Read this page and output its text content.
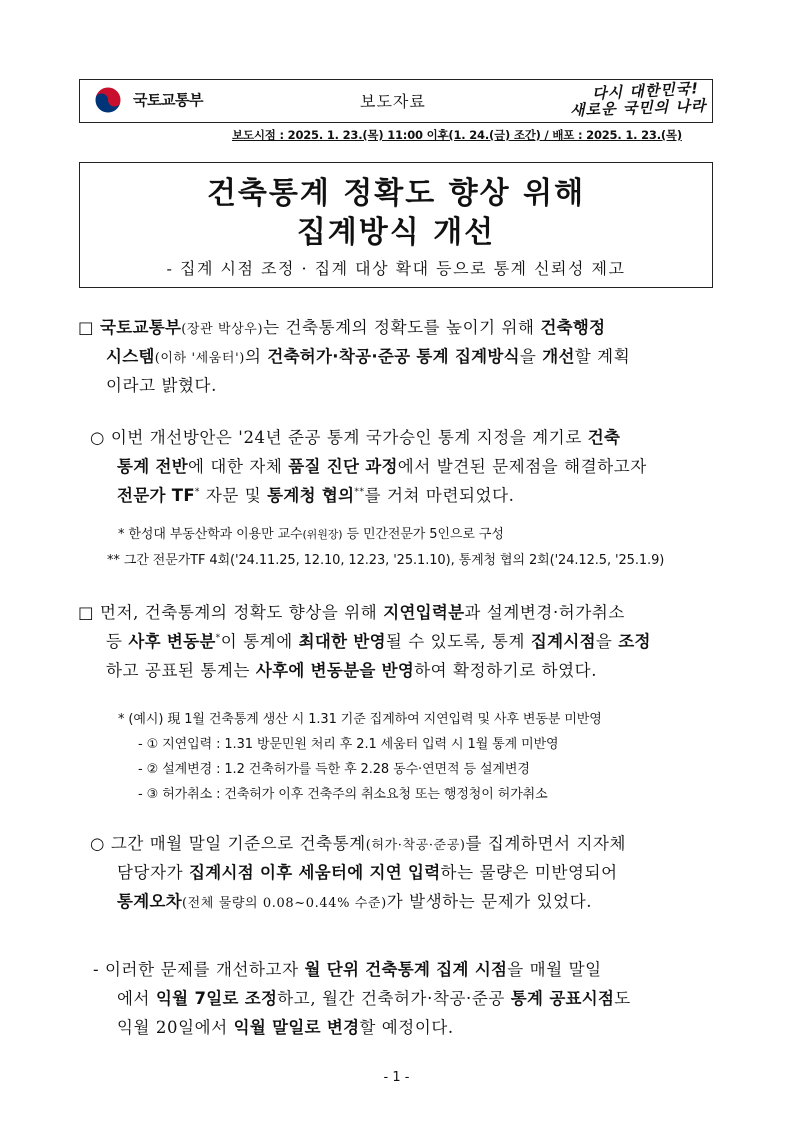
국토교통부	보도자료	다시 대한민국!
새로운 국민의 나라
보도시점 : 2025. 1. 23.(목) 11:00 이후(1. 24.(금) 조간) / 배포 : 2025. 1. 23.(목)
건축통계 정확도 향상 위해
집계방식 개선
- 집계 시점 조정 · 집계 대상 확대 등으로 통계 신뢰성 제고
□ 국토교통부(장관 박상우)는 건축통계의 정확도를 높이기 위해 건축행정
시스템(이하 '세움터')의 건축허가·착공·준공 통계 집계방식을 개선할 계획
이라고 밝혔다.
○ 이번 개선방안은 '24년 준공 통계 국가승인 통계 지정을 계기로 건축
통계 전반에 대한 자체 품질 진단 과정에서 발견된 문제점을 해결하고자
전문가 TF* 자문 및 통계청 협의**를 거쳐 마련되었다.
* 한성대 부동산학과 이용만 교수(위원장) 등 민간전문가 5인으로 구성
** 그간 전문가TF 4회('24.11.25, 12.10, 12.23, '25.1.10), 통계청 협의 2회('24.12.5, '25.1.9)
□ 먼저, 건축통계의 정확도 향상을 위해 지연입력분과 설계변경·허가취소
등 사후 변동분*이 통계에 최대한 반영될 수 있도록, 통계 집계시점을 조정
하고 공표된 통계는 사후에 변동분을 반영하여 확정하기로 하였다.
* (예시) 現 1월 건축통계 생산 시 1.31 기준 집계하여 지연입력 및 사후 변동분 미반영
- ① 지연입력 : 1.31 방문민원 처리 후 2.1 세움터 입력 시 1월 통계 미반영
- ② 설계변경 : 1.2 건축허가를 득한 후 2.28 동수·연면적 등 설계변경
- ③ 허가취소 : 건축허가 이후 건축주의 취소요청 또는 행정청이 허가취소
○ 그간 매월 말일 기준으로 건축통계(허가·착공·준공)를 집계하면서 지자체
담당자가 집계시점 이후 세움터에 지연 입력하는 물량은 미반영되어
통계오차(전체 물량의 0.08~0.44% 수준)가 발생하는 문제가 있었다.
- 이러한 문제를 개선하고자 월 단위 건축통계 집계 시점을 매월 말일
에서 익월 7일로 조정하고, 월간 건축허가·착공·준공 통계 공표시점도
익월 20일에서 익월 말일로 변경할 예정이다.
- 1 -
